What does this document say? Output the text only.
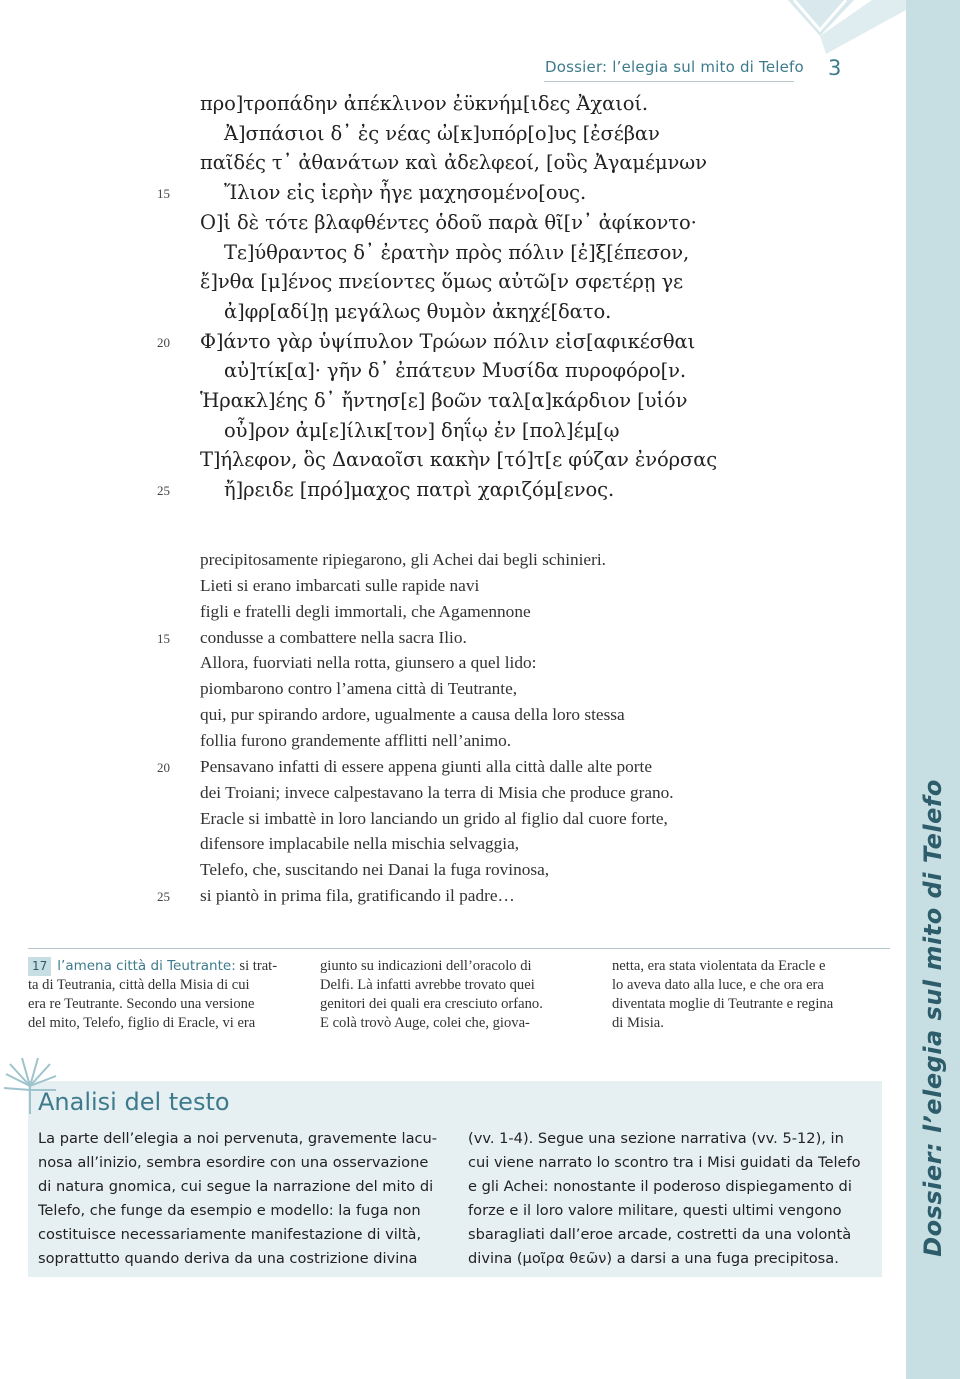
Dossier: l’elegia sul mito di Telefo
Dossier: l’elegia sul mito di Telefo 3
προ]τροπάδην ἀπέκλινον ἐϋκνήμ[ιδες Ἀχαιοί.
Ἀ]σπάσιοι δ᾽ ἐς νέας ὠ[κ]υπόρ[ο]υς [ἐσέβαν
παῖδές τ᾽ ἀθανάτων καὶ ἀδελφεοί, [οὓς Ἀγαμέμνων
Ἴλιον εἰς ἱερὴν ἦγε μαχησομένο[ους.
15
Ο]ἱ δὲ τότε βλαφθέντες ὁδοῦ παρὰ θῖ[ν᾽ ἀφίκοντο·
Τε]ύθραντος δ᾽ ἐρατὴν πρὸς πόλιν [ἐ]ξ[έπεσον,
ἔ]νθα [μ]ένος πνείοντες ὅμως αὐτῶ[ν σφετέρῃ γε
ἀ]φρ[αδί]ῃ μεγάλως θυμὸν ἀκηχέ[δατο.
Φ]άντο γὰρ ὑψίπυλον Τρώων πόλιν εἰσ[αφικέσθαι
20
αὐ]τίκ[α]· γῆν δ᾽ ἐπάτευν Μυσίδα πυροφόρο[ν.
Ἡρακλ]έης δ᾽ ἤντησ[ε] βοῶν ταλ[α]κάρδιον [υἱόν
οὖ]ρον ἀμ[ε]ίλικ[τον] δηΐῳ ἐν [πολ]έμ[ῳ
Τ]ήλεφον, ὃς Δαναοῖσι κακὴν [τό]τ[ε φύζαν ἐνόρσας
ἤ]ρειδε [πρό]μαχος πατρὶ χαριζόμ[ενος.
25
precipitosamente ripiegarono, gli Achei dai begli schinieri.
Lieti si erano imbarcati sulle rapide navi
figli e fratelli degli immortali, che Agamennone
condusse a combattere nella sacra Ilio.
15
Allora, fuorviati nella rotta, giunsero a quel lido:
piombarono contro l’amena città di Teutrante,
qui, pur spirando ardore, ugualmente a causa della loro stessa
follia furono grandemente afflitti nell’animo.
Pensavano infatti di essere appena giunti alla città dalle alte porte
20
dei Troiani; invece calpestavano la terra di Misia che produce grano.
Eracle si imbattè in loro lanciando un grido al figlio dal cuore forte,
difensore implacabile nella mischia selvaggia,
Telefo, che, suscitando nei Danai la fuga rovinosa,
si piantò in prima fila, gratificando il padre…
25
17 l’amena città di Teutrante: si trat-
ta di Teutrania, città della Misia di cui
era re Teutrante. Secondo una versione
del mito, Telefo, figlio di Eracle, vi era
giunto su indicazioni dell’oracolo di
Delfi. Là infatti avrebbe trovato quei
genitori dei quali era cresciuto orfano.
E colà trovò Auge, colei che, giova-
netta, era stata violentata da Eracle e
lo aveva dato alla luce, e che ora era
diventata moglie di Teutrante e regina
di Misia.
Analisi del testo
La parte dell’elegia a noi pervenuta, gravemente lacu-
nosa all’inizio, sembra esordire con una osservazione
di natura gnomica, cui segue la narrazione del mito di
Telefo, che funge da esempio e modello: la fuga non
costituisce necessariamente manifestazione di viltà,
soprattutto quando deriva da una costrizione divina
(vv. 1-4). Segue una sezione narrativa (vv. 5-12), in
cui viene narrato lo scontro tra i Misi guidati da Telefo
e gli Achei: nonostante il poderoso dispiegamento di
forze e il loro valore militare, questi ultimi vengono
sbaragliati dall’eroe arcade, costretti da una volontà
divina (μοῖρα θεῶν) a darsi a una fuga precipitosa.
